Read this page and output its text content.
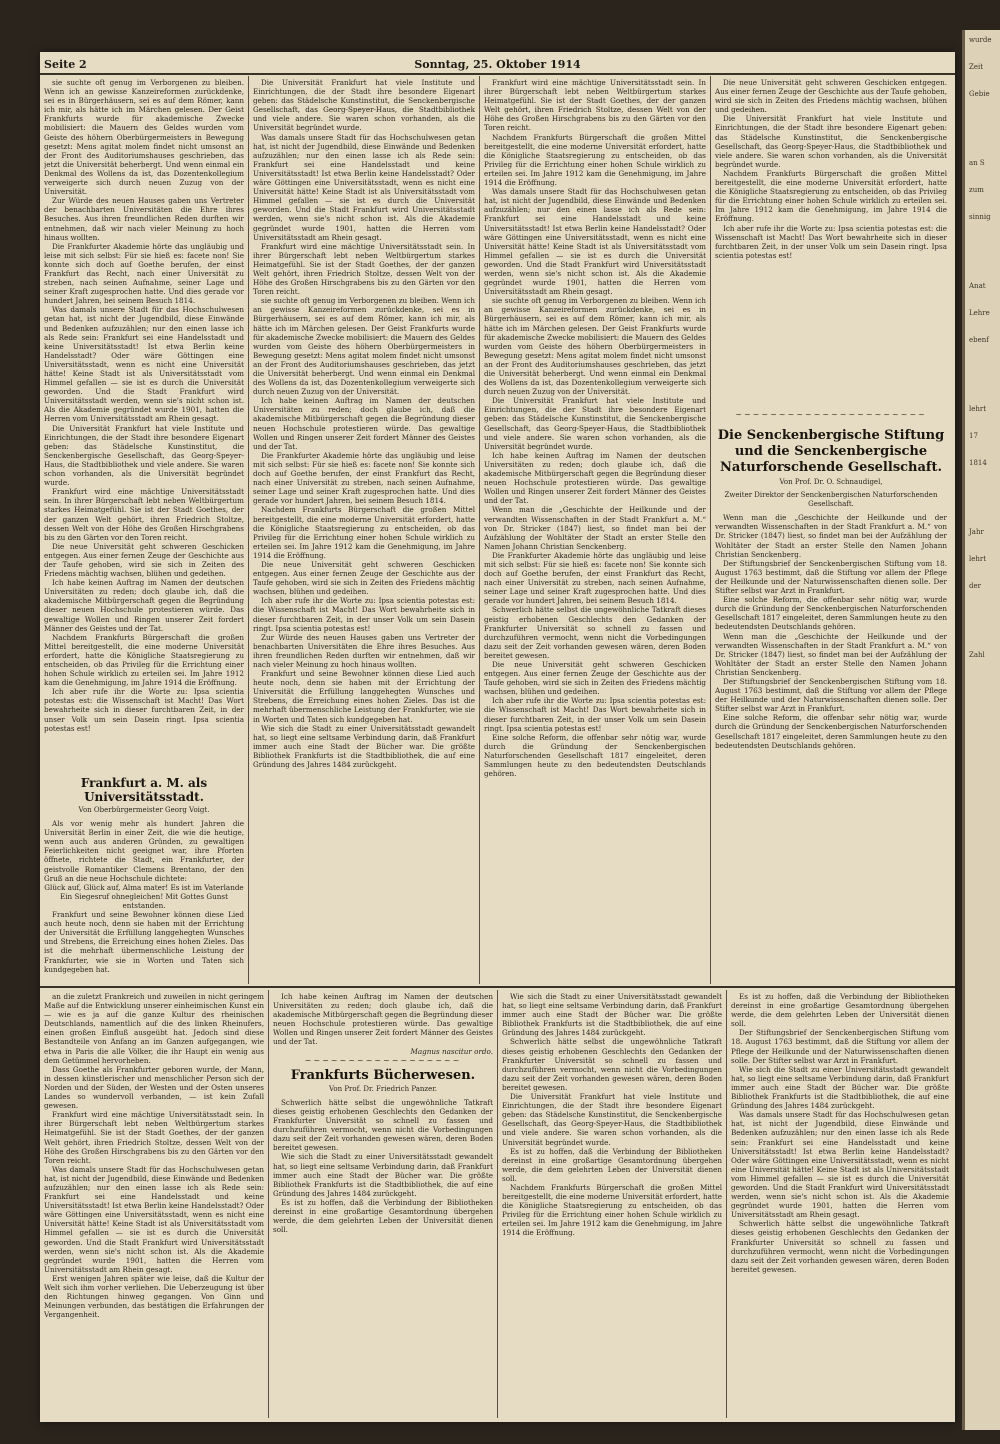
Seite 2	Sonntag, 25. Oktober 1914

sie suchte oft genug im Verborgenen zu bleiben. Wenn ich an gewisse Kanzeireformen zurückdenke, sei es in Bürgerhäusern, sei es auf dem Römer, kann ich mir, als hätte ich im Märchen gelesen. Der Geist Frankfurts wurde für akademische Zwecke mobilisiert: die Mauern des Geldes wurden vom Geiste des höhern Oberbürgermeisters in Bewegung gesetzt: Mens agitat molem findet nicht umsonst an der Front des Auditoriumshauses geschrieben, das jetzt die Universität beherbergt. Und wenn einmal ein Denkmal des Wollens da ist, das Dozentenkollegium verweigerte sich durch neuen Zuzug von der Universität.

Zur Würde des neuen Hauses gaben uns Vertreter der benachbarten Universitäten die Ehre ihres Besuches. Aus ihren freundlichen Reden durften wir entnehmen, daß wir nach vieler Meinung zu hoch hinaus wollten.

Die Frankfurter Akademie hörte das ungläubig und leise mit sich selbst: Für sie hieß es: facete non! Sie konnte sich doch auf Goethe berufen, der einst Frankfurt das Recht, nach einer Universität zu streben, nach seinen Aufnahme, seiner Lage und seiner Kraft zugesprochen hatte. Und dies gerade vor hundert Jahren, bei seinem Besuch 1814.

Was damals unsere Stadt für das Hochschulwesen getan hat, ist nicht der Jugendbild, diese Einwände und Bedenken aufzuzählen; nur den einen lasse ich als Rede sein: Frankfurt sei eine Handelsstadt und keine Universitätsstadt! Ist etwa Berlin keine Handelsstadt? Oder wäre Göttingen eine Universitätsstadt, wenn es nicht eine Universität hätte! Keine Stadt ist als Universitätsstadt vom Himmel gefallen — sie ist es durch die Universität geworden. Und die Stadt Frankfurt wird Universitätsstadt werden, wenn sie's nicht schon ist. Als die Akademie gegründet wurde 1901, hatten die Herren vom Universitätsstadt am Rhein gesagt.

Die Universität Frankfurt hat viele Institute und Einrichtungen, die der Stadt ihre besondere Eigenart geben: das Städelsche Kunstinstitut, die Senckenbergische Gesellschaft, das Georg-Speyer-Haus, die Stadtbibliothek und viele andere. Sie waren schon vorhanden, als die Universität begründet wurde.

Frankfurt wird eine mächtige Universitätsstadt sein. In ihrer Bürgerschaft lebt neben Weltbürgertum starkes Heimatgefühl. Sie ist der Stadt Goethes, der der ganzen Welt gehört, ihren Friedrich Stoltze, dessen Welt von der Höhe des Großen Hirschgrabens bis zu den Gärten vor den Toren reicht.

Die neue Universität geht schweren Geschicken entgegen. Aus einer fernen Zeuge der Geschichte aus der Taufe gehoben, wird sie sich in Zeiten des Friedens mächtig wachsen, blühen und gedeihen.

Ich habe keinen Auftrag im Namen der deutschen Universitäten zu reden; doch glaube ich, daß die akademische Mitbürgerschaft gegen die Begründung dieser neuen Hochschule protestieren würde. Das gewaltige Wollen und Ringen unserer Zeit fordert Männer des Geistes und der Tat.

Nachdem Frankfurts Bürgerschaft die großen Mittel bereitgestellt, die eine moderne Universität erfordert, hatte die Königliche Staatsregierung zu entscheiden, ob das Privileg für die Errichtung einer hohen Schule wirklich zu erteilen sei. Im Jahre 1912 kam die Genehmigung, im Jahre 1914 die Eröffnung.

Ich aber rufe ihr die Worte zu: Ipsa scientia potestas est: die Wissenschaft ist Macht! Das Wort bewahrheite sich in dieser furchtbaren Zeit, in der unser Volk um sein Dasein ringt. Ipsa scientia potestas est!

Frankfurt a. M. als Universitätsstadt.
Von Oberbürgermeister Georg Voigt.

Als vor wenig mehr als hundert Jahren die Universität Berlin in einer Zeit, die wie die heutige, wenn auch aus anderen Gründen, zu gewaltigen Feierlichkeiten nicht geeignet war, ihre Pforten öffnete, richtete die Stadt, ein Frankfurter, der geistvolle Romantiker Clemens Brentano, der den Gruß an die neue Hochschule dichtete:

Glück auf, Glück auf, Alma mater! Es ist im Vaterlande Ein Siegesruf ohnegleichen! Mit Gottes Gunst entstanden.

Frankfurt und seine Bewohner können diese Lied auch heute noch, denn sie haben mit der Errichtung der Universität die Erfüllung langgehegten Wunsches und Strebens, die Erreichung eines hohen Zieles. Das ist die mehrhaft übermenschliche Leistung der Frankfurter, wie sie in Worten und Taten sich kundgegeben hat.

Die Universität Frankfurt hat viele Institute und Einrichtungen, die der Stadt ihre besondere Eigenart geben: das Städelsche Kunstinstitut, die Senckenbergische Gesellschaft, das Georg-Speyer-Haus, die Stadtbibliothek und viele andere. Sie waren schon vorhanden, als die Universität begründet wurde.

Was damals unsere Stadt für das Hochschulwesen getan hat, ist nicht der Jugendbild, diese Einwände und Bedenken aufzuzählen; nur den einen lasse ich als Rede sein: Frankfurt sei eine Handelsstadt und keine Universitätsstadt! Ist etwa Berlin keine Handelsstadt? Oder wäre Göttingen eine Universitätsstadt, wenn es nicht eine Universität hätte! Keine Stadt ist als Universitätsstadt vom Himmel gefallen — sie ist es durch die Universität geworden. Und die Stadt Frankfurt wird Universitätsstadt werden, wenn sie's nicht schon ist. Als die Akademie gegründet wurde 1901, hatten die Herren vom Universitätsstadt am Rhein gesagt.

Frankfurt wird eine mächtige Universitätsstadt sein. In ihrer Bürgerschaft lebt neben Weltbürgertum starkes Heimatgefühl. Sie ist der Stadt Goethes, der der ganzen Welt gehört, ihren Friedrich Stoltze, dessen Welt von der Höhe des Großen Hirschgrabens bis zu den Gärten vor den Toren reicht.

sie suchte oft genug im Verborgenen zu bleiben. Wenn ich an gewisse Kanzeireformen zurückdenke, sei es in Bürgerhäusern, sei es auf dem Römer, kann ich mir, als hätte ich im Märchen gelesen. Der Geist Frankfurts wurde für akademische Zwecke mobilisiert: die Mauern des Geldes wurden vom Geiste des höhern Oberbürgermeisters in Bewegung gesetzt: Mens agitat molem findet nicht umsonst an der Front des Auditoriumshauses geschrieben, das jetzt die Universität beherbergt. Und wenn einmal ein Denkmal des Wollens da ist, das Dozentenkollegium verweigerte sich durch neuen Zuzug von der Universität.

Ich habe keinen Auftrag im Namen der deutschen Universitäten zu reden; doch glaube ich, daß die akademische Mitbürgerschaft gegen die Begründung dieser neuen Hochschule protestieren würde. Das gewaltige Wollen und Ringen unserer Zeit fordert Männer des Geistes und der Tat.

Die Frankfurter Akademie hörte das ungläubig und leise mit sich selbst: Für sie hieß es: facete non! Sie konnte sich doch auf Goethe berufen, der einst Frankfurt das Recht, nach einer Universität zu streben, nach seinen Aufnahme, seiner Lage und seiner Kraft zugesprochen hatte. Und dies gerade vor hundert Jahren, bei seinem Besuch 1814.

Nachdem Frankfurts Bürgerschaft die großen Mittel bereitgestellt, die eine moderne Universität erfordert, hatte die Königliche Staatsregierung zu entscheiden, ob das Privileg für die Errichtung einer hohen Schule wirklich zu erteilen sei. Im Jahre 1912 kam die Genehmigung, im Jahre 1914 die Eröffnung.

Die neue Universität geht schweren Geschicken entgegen. Aus einer fernen Zeuge der Geschichte aus der Taufe gehoben, wird sie sich in Zeiten des Friedens mächtig wachsen, blühen und gedeihen.

Ich aber rufe ihr die Worte zu: Ipsa scientia potestas est: die Wissenschaft ist Macht! Das Wort bewahrheite sich in dieser furchtbaren Zeit, in der unser Volk um sein Dasein ringt. Ipsa scientia potestas est!

Zur Würde des neuen Hauses gaben uns Vertreter der benachbarten Universitäten die Ehre ihres Besuches. Aus ihren freundlichen Reden durften wir entnehmen, daß wir nach vieler Meinung zu hoch hinaus wollten.

Frankfurt und seine Bewohner können diese Lied auch heute noch, denn sie haben mit der Errichtung der Universität die Erfüllung langgehegten Wunsches und Strebens, die Erreichung eines hohen Zieles. Das ist die mehrhaft übermenschliche Leistung der Frankfurter, wie sie in Worten und Taten sich kundgegeben hat.

Wie sich die Stadt zu einer Universitätsstadt gewandelt hat, so liegt eine seltsame Verbindung darin, daß Frankfurt immer auch eine Stadt der Bücher war. Die größte Bibliothek Frankfurts ist die Stadtbibliothek, die auf eine Gründung des Jahres 1484 zurückgeht.

Frankfurt wird eine mächtige Universitätsstadt sein. In ihrer Bürgerschaft lebt neben Weltbürgertum starkes Heimatgefühl. Sie ist der Stadt Goethes, der der ganzen Welt gehört, ihren Friedrich Stoltze, dessen Welt von der Höhe des Großen Hirschgrabens bis zu den Gärten vor den Toren reicht.

Nachdem Frankfurts Bürgerschaft die großen Mittel bereitgestellt, die eine moderne Universität erfordert, hatte die Königliche Staatsregierung zu entscheiden, ob das Privileg für die Errichtung einer hohen Schule wirklich zu erteilen sei. Im Jahre 1912 kam die Genehmigung, im Jahre 1914 die Eröffnung.

Was damals unsere Stadt für das Hochschulwesen getan hat, ist nicht der Jugendbild, diese Einwände und Bedenken aufzuzählen; nur den einen lasse ich als Rede sein: Frankfurt sei eine Handelsstadt und keine Universitätsstadt! Ist etwa Berlin keine Handelsstadt? Oder wäre Göttingen eine Universitätsstadt, wenn es nicht eine Universität hätte! Keine Stadt ist als Universitätsstadt vom Himmel gefallen — sie ist es durch die Universität geworden. Und die Stadt Frankfurt wird Universitätsstadt werden, wenn sie's nicht schon ist. Als die Akademie gegründet wurde 1901, hatten die Herren vom Universitätsstadt am Rhein gesagt.

sie suchte oft genug im Verborgenen zu bleiben. Wenn ich an gewisse Kanzeireformen zurückdenke, sei es in Bürgerhäusern, sei es auf dem Römer, kann ich mir, als hätte ich im Märchen gelesen. Der Geist Frankfurts wurde für akademische Zwecke mobilisiert: die Mauern des Geldes wurden vom Geiste des höhern Oberbürgermeisters in Bewegung gesetzt: Mens agitat molem findet nicht umsonst an der Front des Auditoriumshauses geschrieben, das jetzt die Universität beherbergt. Und wenn einmal ein Denkmal des Wollens da ist, das Dozentenkollegium verweigerte sich durch neuen Zuzug von der Universität.

Die Universität Frankfurt hat viele Institute und Einrichtungen, die der Stadt ihre besondere Eigenart geben: das Städelsche Kunstinstitut, die Senckenbergische Gesellschaft, das Georg-Speyer-Haus, die Stadtbibliothek und viele andere. Sie waren schon vorhanden, als die Universität begründet wurde.

Ich habe keinen Auftrag im Namen der deutschen Universitäten zu reden; doch glaube ich, daß die akademische Mitbürgerschaft gegen die Begründung dieser neuen Hochschule protestieren würde. Das gewaltige Wollen und Ringen unserer Zeit fordert Männer des Geistes und der Tat.

Wenn man die „Geschichte der Heilkunde und der verwandten Wissenschaften in der Stadt Frankfurt a. M.“ von Dr. Stricker (1847) liest, so findet man bei der Aufzählung der Wohltäter der Stadt an erster Stelle den Namen Johann Christian Senckenberg.

Die Frankfurter Akademie hörte das ungläubig und leise mit sich selbst: Für sie hieß es: facete non! Sie konnte sich doch auf Goethe berufen, der einst Frankfurt das Recht, nach einer Universität zu streben, nach seinen Aufnahme, seiner Lage und seiner Kraft zugesprochen hatte. Und dies gerade vor hundert Jahren, bei seinem Besuch 1814.

Schwerlich hätte selbst die ungewöhnliche Tatkraft dieses geistig erhobenen Geschlechts den Gedanken der Frankfurter Universität so schnell zu fassen und durchzuführen vermocht, wenn nicht die Vorbedingungen dazu seit der Zeit vorhanden gewesen wären, deren Boden bereitet gewesen.

Die neue Universität geht schweren Geschicken entgegen. Aus einer fernen Zeuge der Geschichte aus der Taufe gehoben, wird sie sich in Zeiten des Friedens mächtig wachsen, blühen und gedeihen.

Ich aber rufe ihr die Worte zu: Ipsa scientia potestas est: die Wissenschaft ist Macht! Das Wort bewahrheite sich in dieser furchtbaren Zeit, in der unser Volk um sein Dasein ringt. Ipsa scientia potestas est!

Eine solche Reform, die offenbar sehr nötig war, wurde durch die Gründung der Senckenbergischen Naturforschenden Gesellschaft 1817 eingeleitet, deren Sammlungen heute zu den bedeutendsten Deutschlands gehören.

Die neue Universität geht schweren Geschicken entgegen. Aus einer fernen Zeuge der Geschichte aus der Taufe gehoben, wird sie sich in Zeiten des Friedens mächtig wachsen, blühen und gedeihen.

Die Universität Frankfurt hat viele Institute und Einrichtungen, die der Stadt ihre besondere Eigenart geben: das Städelsche Kunstinstitut, die Senckenbergische Gesellschaft, das Georg-Speyer-Haus, die Stadtbibliothek und viele andere. Sie waren schon vorhanden, als die Universität begründet wurde.

Nachdem Frankfurts Bürgerschaft die großen Mittel bereitgestellt, die eine moderne Universität erfordert, hatte die Königliche Staatsregierung zu entscheiden, ob das Privileg für die Errichtung einer hohen Schule wirklich zu erteilen sei. Im Jahre 1912 kam die Genehmigung, im Jahre 1914 die Eröffnung.

Ich aber rufe ihr die Worte zu: Ipsa scientia potestas est: die Wissenschaft ist Macht! Das Wort bewahrheite sich in dieser furchtbaren Zeit, in der unser Volk um sein Dasein ringt. Ipsa scientia potestas est!

~~~~~~~~~~~~~~~~~~~~~~
Die Senckenbergische Stiftung und die Senckenbergische Naturforschende Gesellschaft.
Von Prof. Dr. O. Schnaudigel,
Zweiter Direktor der Senckenbergischen Naturforschenden Gesellschaft.

Wenn man die „Geschichte der Heilkunde und der verwandten Wissenschaften in der Stadt Frankfurt a. M.“ von Dr. Stricker (1847) liest, so findet man bei der Aufzählung der Wohltäter der Stadt an erster Stelle den Namen Johann Christian Senckenberg.

Der Stiftungsbrief der Senckenbergischen Stiftung vom 18. August 1763 bestimmt, daß die Stiftung vor allem der Pflege der Heilkunde und der Naturwissenschaften dienen solle. Der Stifter selbst war Arzt in Frankfurt.

Eine solche Reform, die offenbar sehr nötig war, wurde durch die Gründung der Senckenbergischen Naturforschenden Gesellschaft 1817 eingeleitet, deren Sammlungen heute zu den bedeutendsten Deutschlands gehören.

Wenn man die „Geschichte der Heilkunde und der verwandten Wissenschaften in der Stadt Frankfurt a. M.“ von Dr. Stricker (1847) liest, so findet man bei der Aufzählung der Wohltäter der Stadt an erster Stelle den Namen Johann Christian Senckenberg.

Der Stiftungsbrief der Senckenbergischen Stiftung vom 18. August 1763 bestimmt, daß die Stiftung vor allem der Pflege der Heilkunde und der Naturwissenschaften dienen solle. Der Stifter selbst war Arzt in Frankfurt.

Eine solche Reform, die offenbar sehr nötig war, wurde durch die Gründung der Senckenbergischen Naturforschenden Gesellschaft 1817 eingeleitet, deren Sammlungen heute zu den bedeutendsten Deutschlands gehören.

an die zuletzt Frankreich und zuweilen in nicht geringem Maße auf die Entwicklung unserer einheimischen Kunst ein — wie es ja auf die ganze Kultur des rheinischen Deutschlands, namentlich auf die des linken Rheinufers, einen großen Einfluß ausgeübt hat. Jedoch sind diese Bestandteile von Anfang an im Ganzen aufgegangen, wie etwa in Paris die alle Völker, die ihr Haupt ein wenig aus dem Getümmel hervorheben.

Dass Goethe als Frankfurter geboren wurde, der Mann, in dessen künstlerischer und menschlicher Person sich der Norden und der Süden, der Westen und der Osten unseres Landes so wundervoll verbanden, — ist kein Zufall gewesen.

Frankfurt wird eine mächtige Universitätsstadt sein. In ihrer Bürgerschaft lebt neben Weltbürgertum starkes Heimatgefühl. Sie ist der Stadt Goethes, der der ganzen Welt gehört, ihren Friedrich Stoltze, dessen Welt von der Höhe des Großen Hirschgrabens bis zu den Gärten vor den Toren reicht.

Was damals unsere Stadt für das Hochschulwesen getan hat, ist nicht der Jugendbild, diese Einwände und Bedenken aufzuzählen; nur den einen lasse ich als Rede sein: Frankfurt sei eine Handelsstadt und keine Universitätsstadt! Ist etwa Berlin keine Handelsstadt? Oder wäre Göttingen eine Universitätsstadt, wenn es nicht eine Universität hätte! Keine Stadt ist als Universitätsstadt vom Himmel gefallen — sie ist es durch die Universität geworden. Und die Stadt Frankfurt wird Universitätsstadt werden, wenn sie's nicht schon ist. Als die Akademie gegründet wurde 1901, hatten die Herren vom Universitätsstadt am Rhein gesagt.

Erst wenigen Jahren später wie leise, daß die Kultur der Welt sich ihm vorher verliehen. Die Ueberzeugung ist über den Richtungen hinweg gegangen. Von Ginn und Meinungen verbunden, das bestätigen die Erfahrungen der Vergangenheit.

Ich habe keinen Auftrag im Namen der deutschen Universitäten zu reden; doch glaube ich, daß die akademische Mitbürgerschaft gegen die Begründung dieser neuen Hochschule protestieren würde. Das gewaltige Wollen und Ringen unserer Zeit fordert Männer des Geistes und der Tat.

Magnus nascitur ordo.

~~~~~~~~~~~~~~~~~~
Frankfurts Bücherwesen.
Von Prof. Dr. Friedrich Panzer.

Schwerlich hätte selbst die ungewöhnliche Tatkraft dieses geistig erhobenen Geschlechts den Gedanken der Frankfurter Universität so schnell zu fassen und durchzuführen vermocht, wenn nicht die Vorbedingungen dazu seit der Zeit vorhanden gewesen wären, deren Boden bereitet gewesen.

Wie sich die Stadt zu einer Universitätsstadt gewandelt hat, so liegt eine seltsame Verbindung darin, daß Frankfurt immer auch eine Stadt der Bücher war. Die größte Bibliothek Frankfurts ist die Stadtbibliothek, die auf eine Gründung des Jahres 1484 zurückgeht.

Es ist zu hoffen, daß die Verbindung der Bibliotheken dereinst in eine großartige Gesamtordnung übergehen werde, die dem gelehrten Leben der Universität dienen soll.

Wie sich die Stadt zu einer Universitätsstadt gewandelt hat, so liegt eine seltsame Verbindung darin, daß Frankfurt immer auch eine Stadt der Bücher war. Die größte Bibliothek Frankfurts ist die Stadtbibliothek, die auf eine Gründung des Jahres 1484 zurückgeht.

Schwerlich hätte selbst die ungewöhnliche Tatkraft dieses geistig erhobenen Geschlechts den Gedanken der Frankfurter Universität so schnell zu fassen und durchzuführen vermocht, wenn nicht die Vorbedingungen dazu seit der Zeit vorhanden gewesen wären, deren Boden bereitet gewesen.

Die Universität Frankfurt hat viele Institute und Einrichtungen, die der Stadt ihre besondere Eigenart geben: das Städelsche Kunstinstitut, die Senckenbergische Gesellschaft, das Georg-Speyer-Haus, die Stadtbibliothek und viele andere. Sie waren schon vorhanden, als die Universität begründet wurde.

Es ist zu hoffen, daß die Verbindung der Bibliotheken dereinst in eine großartige Gesamtordnung übergehen werde, die dem gelehrten Leben der Universität dienen soll.

Nachdem Frankfurts Bürgerschaft die großen Mittel bereitgestellt, die eine moderne Universität erfordert, hatte die Königliche Staatsregierung zu entscheiden, ob das Privileg für die Errichtung einer hohen Schule wirklich zu erteilen sei. Im Jahre 1912 kam die Genehmigung, im Jahre 1914 die Eröffnung.

Es ist zu hoffen, daß die Verbindung der Bibliotheken dereinst in eine großartige Gesamtordnung übergehen werde, die dem gelehrten Leben der Universität dienen soll.

Der Stiftungsbrief der Senckenbergischen Stiftung vom 18. August 1763 bestimmt, daß die Stiftung vor allem der Pflege der Heilkunde und der Naturwissenschaften dienen solle. Der Stifter selbst war Arzt in Frankfurt.

Wie sich die Stadt zu einer Universitätsstadt gewandelt hat, so liegt eine seltsame Verbindung darin, daß Frankfurt immer auch eine Stadt der Bücher war. Die größte Bibliothek Frankfurts ist die Stadtbibliothek, die auf eine Gründung des Jahres 1484 zurückgeht.

Was damals unsere Stadt für das Hochschulwesen getan hat, ist nicht der Jugendbild, diese Einwände und Bedenken aufzuzählen; nur den einen lasse ich als Rede sein: Frankfurt sei eine Handelsstadt und keine Universitätsstadt! Ist etwa Berlin keine Handelsstadt? Oder wäre Göttingen eine Universitätsstadt, wenn es nicht eine Universität hätte! Keine Stadt ist als Universitätsstadt vom Himmel gefallen — sie ist es durch die Universität geworden. Und die Stadt Frankfurt wird Universitätsstadt werden, wenn sie's nicht schon ist. Als die Akademie gegründet wurde 1901, hatten die Herren vom Universitätsstadt am Rhein gesagt.

Schwerlich hätte selbst die ungewöhnliche Tatkraft dieses geistig erhobenen Geschlechts den Gedanken der Frankfurter Universität so schnell zu fassen und durchzuführen vermocht, wenn nicht die Vorbedingungen dazu seit der Zeit vorhanden gewesen wären, deren Boden bereitet gewesen.

wurde
Zeit
Gebie
an S
zum
sinnig
Anat
Lehre
ebenf
lehrt
17
1814
Jahr
lehrt
der
Zahl
